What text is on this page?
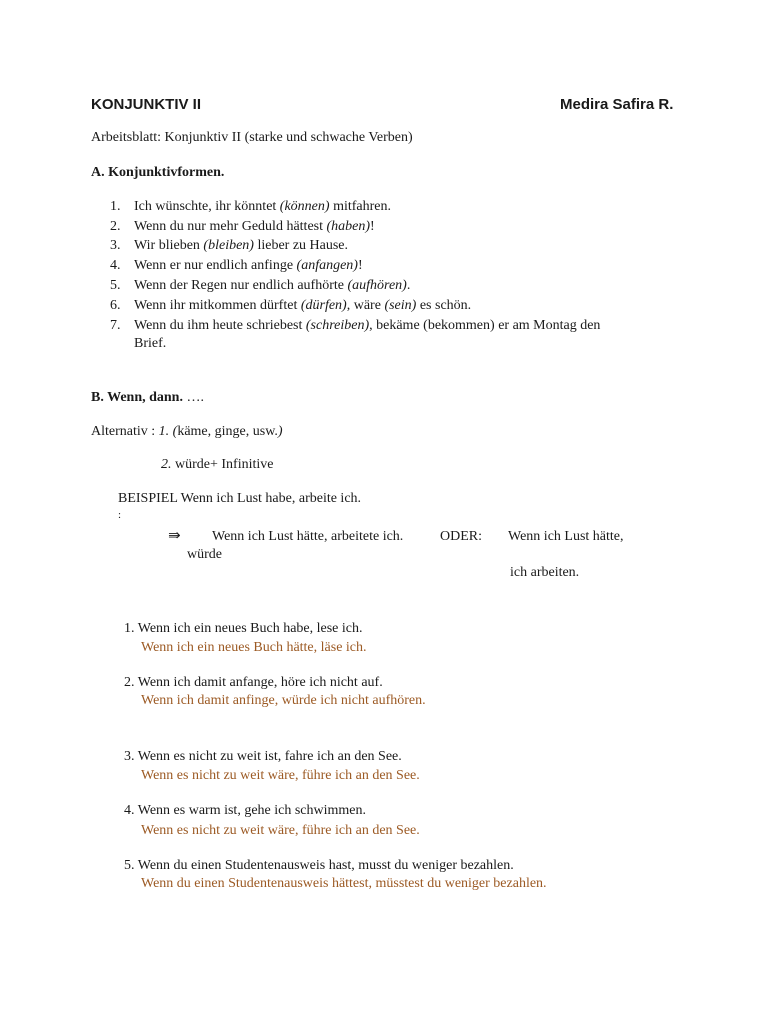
KONJUNKTIV II	Medira Safira R.
Arbeitsblatt: Konjunktiv II (starke und schwache Verben)
A. Konjunktivformen.
1. Ich wünschte, ihr könntet (können) mitfahren.
2. Wenn du nur mehr Geduld hättest (haben)!
3. Wir blieben (bleiben) lieber zu Hause.
4. Wenn er nur endlich anfinge (anfangen)!
5. Wenn der Regen nur endlich aufhörte (aufhören).
6. Wenn ihr mitkommen dürftet (dürfen), wäre (sein) es schön.
7. Wenn du ihm heute schriebest (schreiben), bekäme (bekommen) er am Montag den
Brief.
B. Wenn, dann. ….
Alternativ : 1. (käme, ginge, usw.)
2. würde+ Infinitive
BEISPIEL Wenn ich Lust habe, arbeite ich.
:
⇛ Wenn ich Lust hätte, arbeitete ich.	ODER: Wenn ich Lust hätte,
würde
ich arbeiten.
1. Wenn ich ein neues Buch habe, lese ich.
Wenn ich ein neues Buch hätte, läse ich.
2. Wenn ich damit anfange, höre ich nicht auf.
Wenn ich damit anfinge, würde ich nicht aufhören.
3. Wenn es nicht zu weit ist, fahre ich an den See.
Wenn es nicht zu weit wäre, führe ich an den See.
4. Wenn es warm ist, gehe ich schwimmen.
Wenn es nicht zu weit wäre, führe ich an den See.
5. Wenn du einen Studentenausweis hast, musst du weniger bezahlen.
Wenn du einen Studentenausweis hättest, müsstest du weniger bezahlen.
